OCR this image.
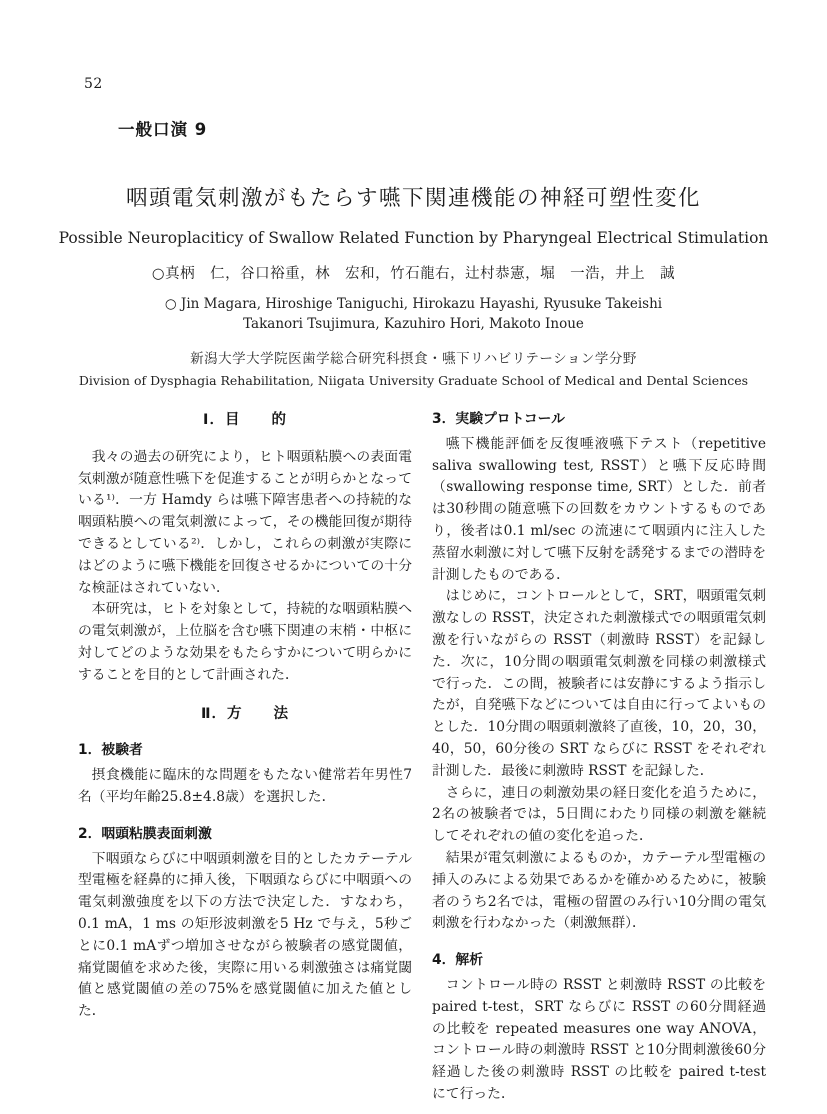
52
一般口演 9
咽頭電気刺激がもたらす嚥下関連機能の神経可塑性変化
Possible Neuroplaciticy of Swallow Related Function by Pharyngeal Electrical Stimulation
○真柄　仁，谷口裕重，林　宏和，竹石龍右，辻村恭憲，堀　一浩，井上　誠
○ Jin Magara, Hiroshige Taniguchi, Hirokazu Hayashi, Ryusuke Takeishi
Takanori Tsujimura, Kazuhiro Hori, Makoto Inoue
新潟大学大学院医歯学総合研究科摂食・嚥下リハビリテーション学分野
Division of Dysphagia Rehabilitation, Niigata University Graduate School of Medical and Dental Sciences
Ⅰ．目　　的

我々の過去の研究により，ヒト咽頭粘膜への表面電気刺激が随意性嚥下を促進することが明らかとなっている¹⁾．一方 Hamdy らは嚥下障害患者への持続的な咽頭粘膜への電気刺激によって，その機能回復が期待できるとしている²⁾．しかし，これらの刺激が実際にはどのように嚥下機能を回復させるかについての十分な検証はされていない．

本研究は，ヒトを対象として，持続的な咽頭粘膜への電気刺激が，上位脳を含む嚥下関連の末梢・中枢に対してどのような効果をもたらすかについて明らかにすることを目的として計画された．

Ⅱ．方　　法
1．被験者

摂食機能に臨床的な問題をもたない健常若年男性7名（平均年齢25.8±4.8歳）を選択した．

2．咽頭粘膜表面刺激

下咽頭ならびに中咽頭刺激を目的としたカテーテル型電極を経鼻的に挿入後，下咽頭ならびに中咽頭への電気刺激強度を以下の方法で決定した．すなわち，0.1 mA，1 ms の矩形波刺激を5 Hz で与え，5秒ごとに0.1 mAずつ増加させながら被験者の感覚閾値，痛覚閾値を求めた後，実際に用いる刺激強さは痛覚閾値と感覚閾値の差の75%を感覚閾値に加えた値とした．

3．実験プロトコール

嚥下機能評価を反復唾液嚥下テスト（repetitive saliva swallowing test, RSST）と嚥下反応時間（swallowing response time, SRT）とした．前者は30秒間の随意嚥下の回数をカウントするものであり，後者は0.1 ml/sec の流速にて咽頭内に注入した蒸留水刺激に対して嚥下反射を誘発するまでの潜時を計測したものである．

はじめに，コントロールとして，SRT，咽頭電気刺激なしの RSST，決定された刺激様式での咽頭電気刺激を行いながらの RSST（刺激時 RSST）を記録した．次に，10分間の咽頭電気刺激を同様の刺激様式で行った．この間，被験者には安静にするよう指示したが，自発嚥下などについては自由に行ってよいものとした．10分間の咽頭刺激終了直後，10，20，30，40，50，60分後の SRT ならびに RSST をそれぞれ計測した．最後に刺激時 RSST を記録した．

さらに，連日の刺激効果の経日変化を追うために，2名の被験者では，5日間にわたり同様の刺激を継続してそれぞれの値の変化を追った．

結果が電気刺激によるものか，カテーテル型電極の挿入のみによる効果であるかを確かめるために，被験者のうち2名では，電極の留置のみ行い10分間の電気刺激を行わなかった（刺激無群）．

4．解析

コントロール時の RSST と刺激時 RSST の比較を paired t-test，SRT ならびに RSST の60分間経過の比較を repeated measures one way ANOVA，コントロール時の刺激時 RSST と10分間刺激後60分経過した後の刺激時 RSST の比較を paired t-test にて行った．
